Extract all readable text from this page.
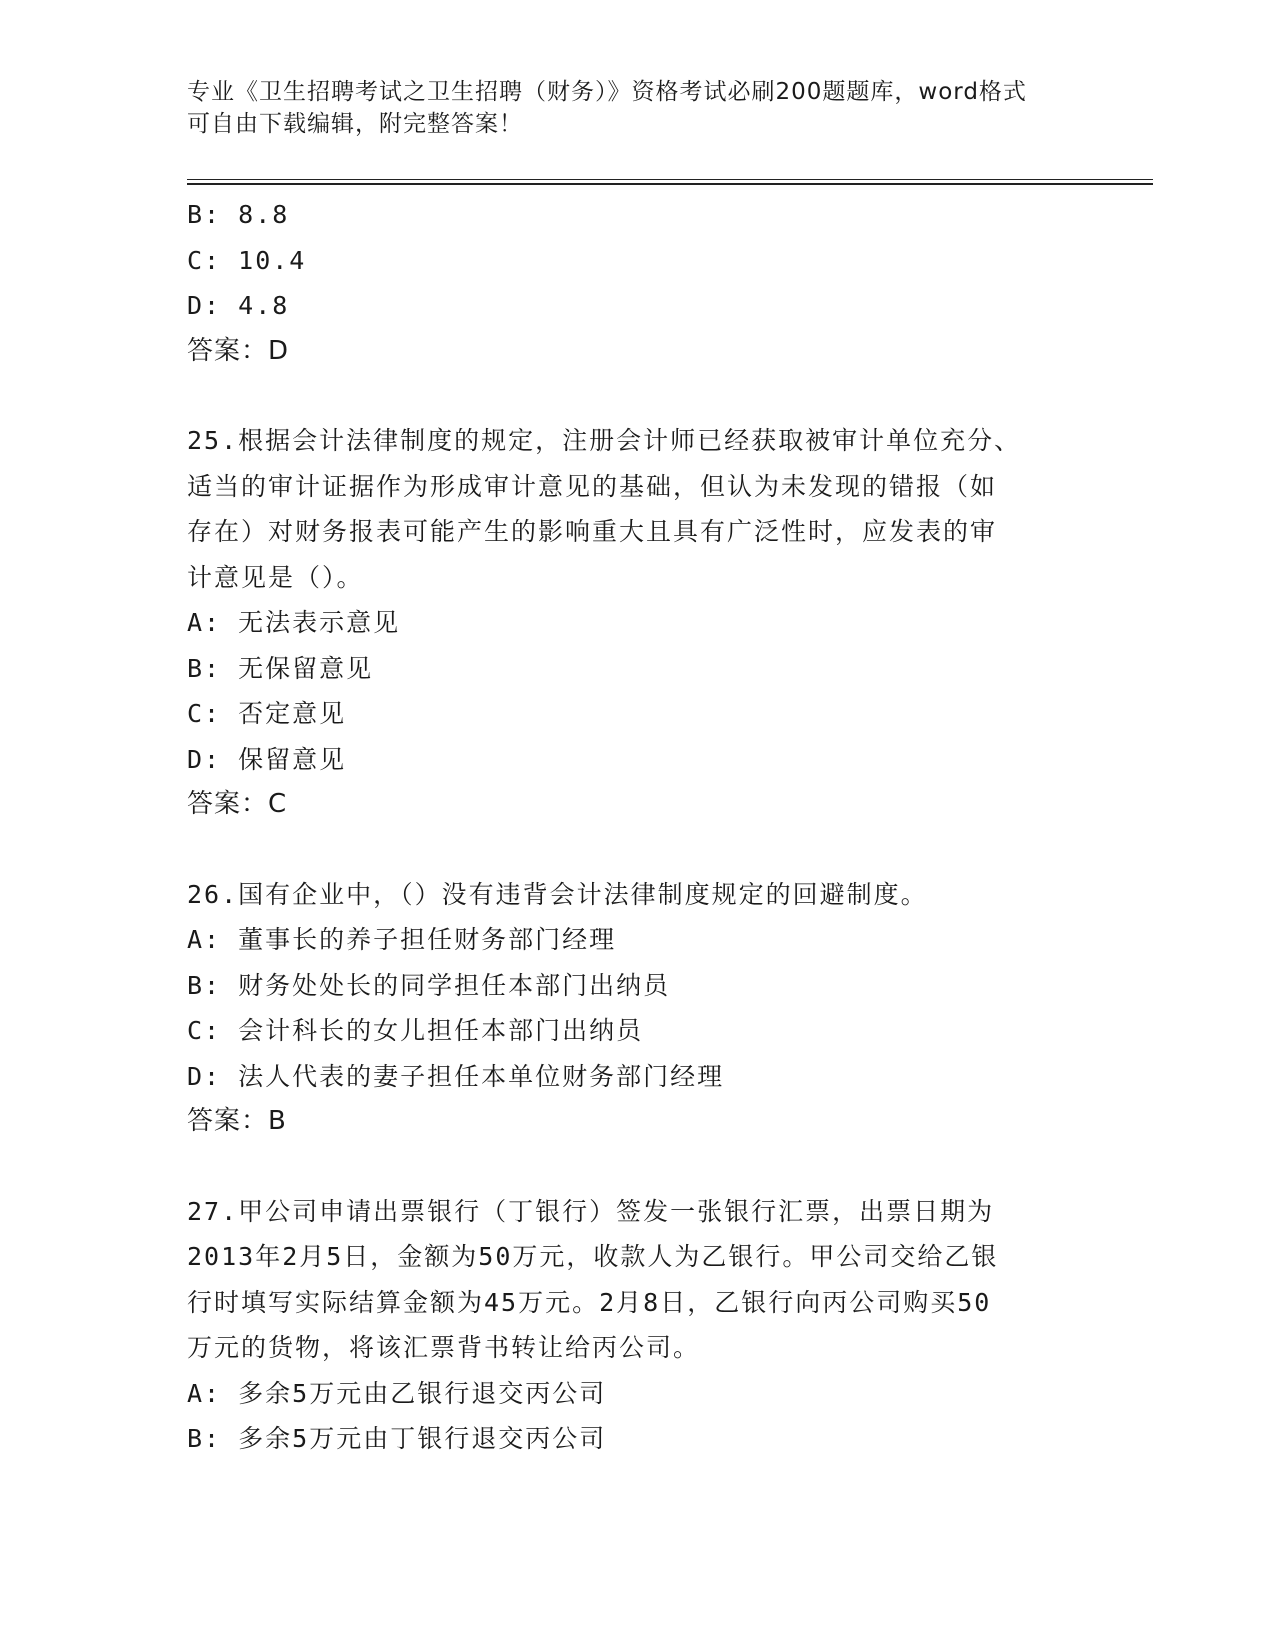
专业《卫生招聘考试之卫生招聘（财务）》资格考试必刷200题题库，word格式
可自由下载编辑，附完整答案！
B: 8.8
C: 10.4
D: 4.8
答案：D
25.根据会计法律制度的规定，注册会计师已经获取被审计单位充分、
适当的审计证据作为形成审计意见的基础，但认为未发现的错报（如
存在）对财务报表可能产生的影响重大且具有广泛性时，应发表的审
计意见是（）。
A: 无法表示意见
B: 无保留意见
C: 否定意见
D: 保留意见
答案：C
26.国有企业中，（）没有违背会计法律制度规定的回避制度。
A: 董事长的养子担任财务部门经理
B: 财务处处长的同学担任本部门出纳员
C: 会计科长的女儿担任本部门出纳员
D: 法人代表的妻子担任本单位财务部门经理
答案：B
27.甲公司申请出票银行（丁银行）签发一张银行汇票，出票日期为
2013年2月5日，金额为50万元，收款人为乙银行。甲公司交给乙银
行时填写实际结算金额为45万元。2月8日，乙银行向丙公司购买50
万元的货物，将该汇票背书转让给丙公司。
A: 多余5万元由乙银行退交丙公司
B: 多余5万元由丁银行退交丙公司
